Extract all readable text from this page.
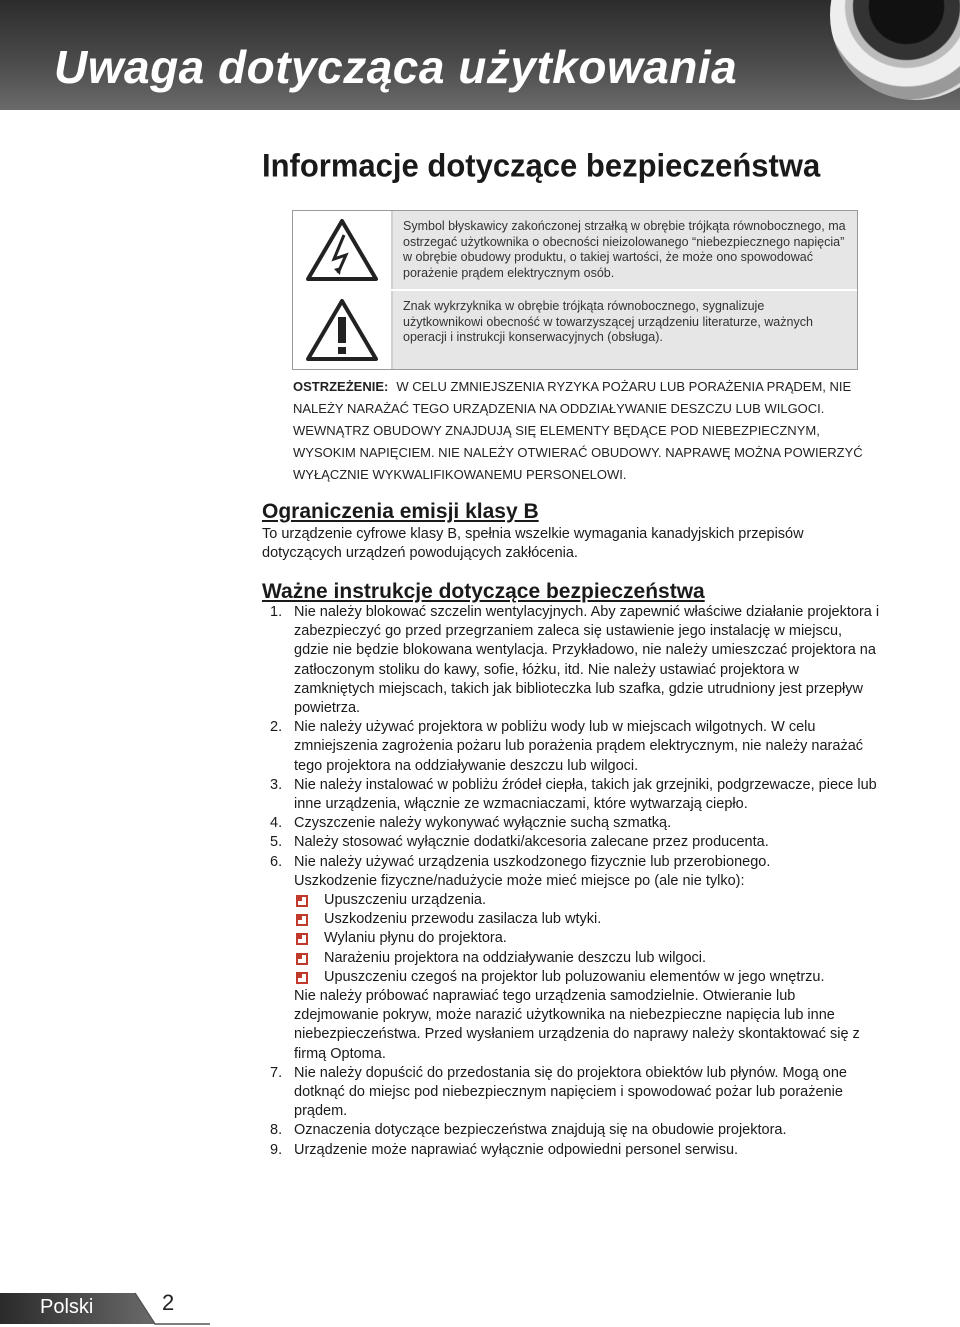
Uwaga dotycząca użytkowania
Informacje dotyczące bezpieczeństwa
Symbol błyskawicy zakończonej strzałką w obrębie trójkąta równobocznego, ma ostrzegać użytkownika o obecności nieizolowanego “niebezpiecznego napięcia” w obrębie obudowy produktu, o takiej wartości, że może ono spowodować porażenie prądem elektrycznym osób.
Znak wykrzyknika w obrębie trójkąta równobocznego, sygnalizuje użytkownikowi obecność w towarzyszącej urządzeniu literaturze, ważnych operacji i instrukcji konserwacyjnych (obsługa).
OSTRZEŻENIE: W CELU ZMNIEJSZENIA RYZYKA POŻARU LUB PORAŻENIA PRĄDEM, NIE NALEŻY NARAŻAĆ TEGO URZĄDZENIA NA ODDZIAŁYWANIE DESZCZU LUB WILGOCI. WEWNĄTRZ OBUDOWY ZNAJDUJĄ SIĘ ELEMENTY BĘDĄCE POD NIEBEZPIECZNYM, WYSOKIM NAPIĘCIEM. NIE NALEŻY OTWIERAĆ OBUDOWY. NAPRAWĘ MOŻNA POWIERZYĆ WYŁĄCZNIE WYKWALIFIKOWANEMU PERSONELOWI.
Ograniczenia emisji klasy B
To urządzenie cyfrowe klasy B, spełnia wszelkie wymagania kanadyjskich przepisów dotyczących urządzeń powodujących zakłócenia.
Ważne instrukcje dotyczące bezpieczeństwa
1. Nie należy blokować szczelin wentylacyjnych. Aby zapewnić właściwe działanie projektora i zabezpieczyć go przed przegrzaniem zaleca się ustawienie jego instalację w miejscu, gdzie nie będzie blokowana wentylacja. Przykładowo, nie należy umieszczać projektora na zatłoczonym stoliku do kawy, sofie, łóżku, itd. Nie należy ustawiać projektora w zamkniętych miejscach, takich jak biblioteczka lub szafka, gdzie utrudniony jest przepływ powietrza.
2. Nie należy używać projektora w pobliżu wody lub w miejscach wilgotnych. W celu zmniejszenia zagrożenia pożaru lub porażenia prądem elektrycznym, nie należy narażać tego projektora na oddziaływanie deszczu lub wilgoci.
3. Nie należy instalować w pobliżu źródeł ciepła, takich jak grzejniki, podgrzewacze, piece lub inne urządzenia, włącznie ze wzmacniaczami, które wytwarzają ciepło.
4. Czyszczenie należy wykonywać wyłącznie suchą szmatką.
5. Należy stosować wyłącznie dodatki/akcesoria zalecane przez producenta.
6. Nie należy używać urządzenia uszkodzonego fizycznie lub przerobionego.
Uszkodzenie fizyczne/nadużycie może mieć miejsce po (ale nie tylko):
Upuszczeniu urządzenia.
Uszkodzeniu przewodu zasilacza lub wtyki.
Wylaniu płynu do projektora.
Narażeniu projektora na oddziaływanie deszczu lub wilgoci.
Upuszczeniu czegoś na projektor lub poluzowaniu elementów w jego wnętrzu.
Nie należy próbować naprawiać tego urządzenia samodzielnie. Otwieranie lub zdejmowanie pokryw, może narazić użytkownika na niebezpieczne napięcia lub inne niebezpieczeństwa. Przed wysłaniem urządzenia do naprawy należy skontaktować się z firmą Optoma.
7. Nie należy dopuścić do przedostania się do projektora obiektów lub płynów. Mogą one dotknąć do miejsc pod niebezpiecznym napięciem i spowodować pożar lub porażenie prądem.
8. Oznaczenia dotyczące bezpieczeństwa znajdują się na obudowie projektora.
9. Urządzenie może naprawiać wyłącznie odpowiedni personel serwisu.
Polski	2
